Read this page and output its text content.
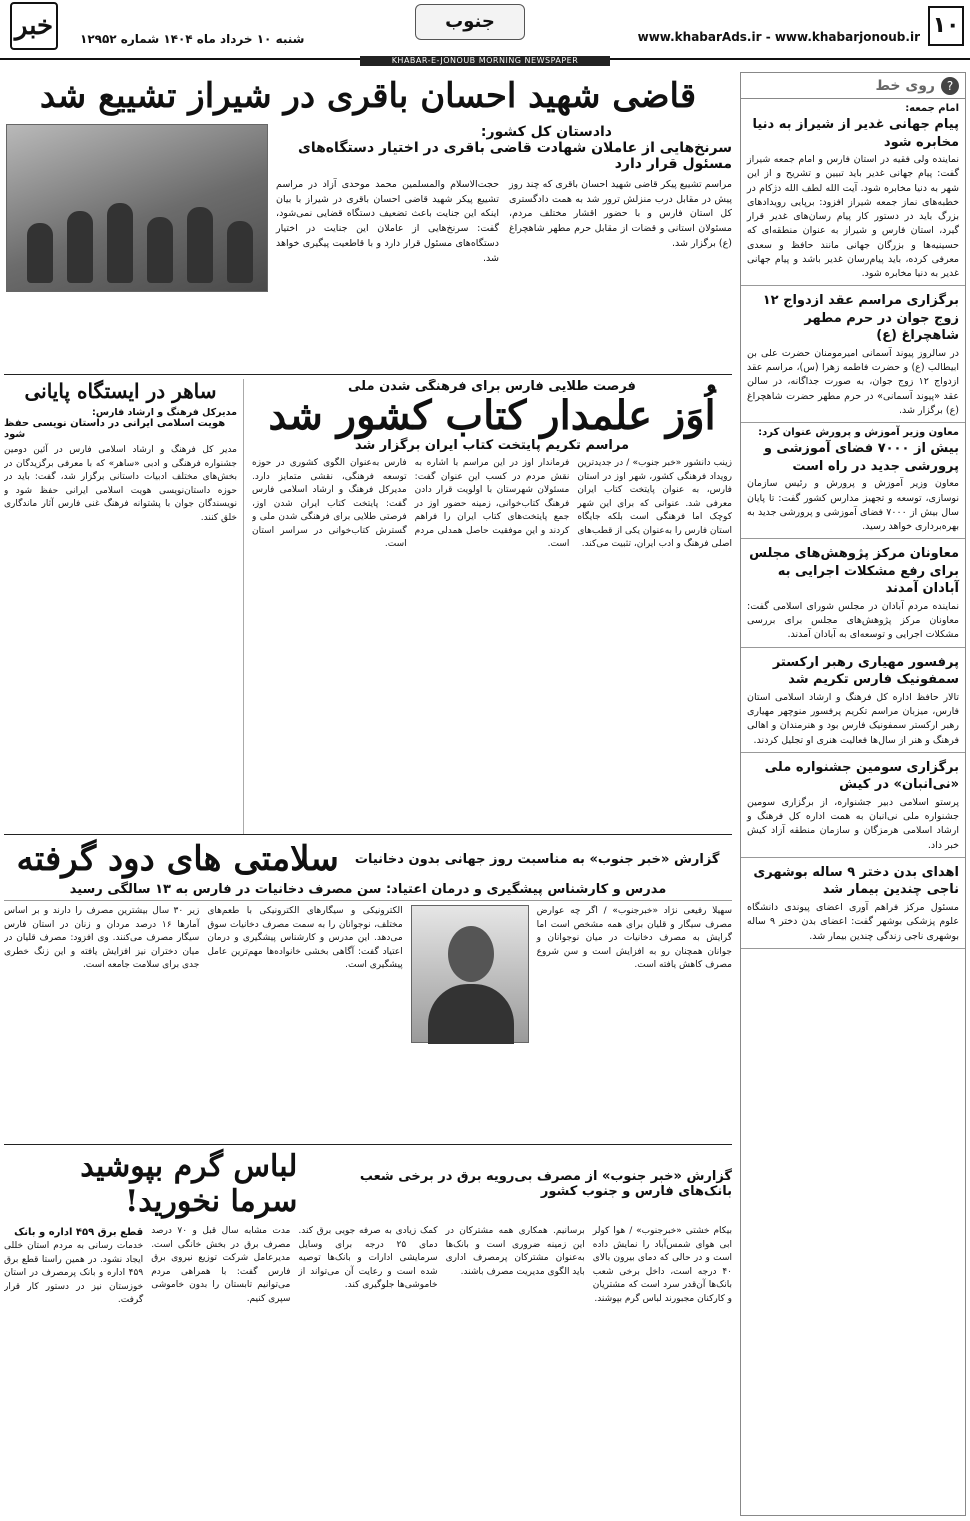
۱۰
www.khabarAds.ir - www.khabarjonoub.ir
جنوب
شنبه ۱۰ خرداد ماه ۱۴۰۴ شماره ۱۲۹۵۲
خبر
KHABAR-E-JONOUB MORNING NEWSPAPER
?
روی خط
امام جمعه:
پیام جهانی غدیر از شیراز به دنیا مخابره شود

نماینده ولی فقیه در استان فارس و امام جمعه شیراز گفت: پیام جهانی غدیر باید تبیین و تشریح و از این شهر به دنیا مخابره شود. آیت الله لطف الله دژکام در خطبه‌های نماز جمعه شیراز افزود: برپایی رویدادهای بزرگ باید در دستور کار پیام رسان‌های غدیر قرار گیرد، استان فارس و شیراز به عنوان منطقه‌ای که حسینیه‌ها و بزرگان جهانی مانند حافظ و سعدی معرفی کرده، باید پیام‌رسان غدیر باشد و پیام جهانی غدیر به دنیا مخابره شود.

برگزاری مراسم عقد ازدواج ۱۲ زوج جوان در حرم مطهر شاهچراغ (ع)

در سالروز پیوند آسمانی امیرمومنان حضرت علی بن ابیطالب (ع) و حضرت فاطمه زهرا (س)، مراسم عقد ازدواج ۱۲ زوج جوان، به صورت جداگانه، در سالن عقد «پیوند آسمانی» در حرم مطهر حضرت شاهچراغ (ع) برگزار شد.

معاون وزیر آموزش و پرورش عنوان کرد:
بیش از ۷۰۰۰ فضای آموزشی و پرورشی جدید در راه است

معاون وزیر آموزش و پرورش و رئیس سازمان نوسازی، توسعه و تجهیز مدارس کشور گفت: تا پایان سال بیش از ۷۰۰۰ فضای آموزشی و پرورشی جدید به بهره‌برداری خواهد رسید.

معاونان مرکز پژوهش‌های مجلس برای رفع مشکلات اجرایی به آبادان آمدند

نماینده مردم آبادان در مجلس شورای اسلامی گفت: معاونان مرکز پژوهش‌های مجلس برای بررسی مشکلات اجرایی و توسعه‌ای به آبادان آمدند.

پرفسور مهیاری رهبر ارکستر سمفونیک فارس تکریم شد

تالار حافظ اداره کل فرهنگ و ارشاد اسلامی استان فارس، میزبان مراسم تکریم پرفسور منوچهر مهیاری رهبر ارکستر سمفونیک فارس بود و هنرمندان و اهالی فرهنگ و هنر از سال‌ها فعالیت هنری او تجلیل کردند.

برگزاری سومین جشنواره ملی «نی‌انبان» در کیش

پرستو اسلامی دبیر جشنواره، از برگزاری سومین جشنواره ملی نی‌انبان به همت اداره کل فرهنگ و ارشاد اسلامی هرمزگان و سازمان منطقه آزاد کیش خبر داد.

اهدای بدن دختر ۹ ساله بوشهری ناجی چندین بیمار شد

مسئول مرکز فراهم آوری اعضای پیوندی دانشگاه علوم پزشکی بوشهر گفت: اعضای بدن دختر ۹ ساله بوشهری ناجی زندگی چندین بیمار شد.

قاضی شهید احسان باقری در شیراز تشییع شد
دادستان کل کشور:
سرنخ‌هایی از عاملان شهادت قاضی باقری در اختیار دستگاه‌های مسئول قرار دارد

مراسم تشییع پیکر قاضی شهید احسان باقری که چند روز پیش در مقابل درب منزلش ترور شد به همت دادگستری کل استان فارس و با حضور اقشار مختلف مردم، مسئولان استانی و قضات از مقابل حرم مطهر شاهچراغ (ع) برگزار شد.

حجت‌الاسلام والمسلمین محمد موحدی آزاد در مراسم تشییع پیکر شهید قاضی احسان باقری در شیراز با بیان اینکه این جنایت باعث تضعیف دستگاه قضایی نمی‌شود، گفت: سرنخ‌هایی از عاملان این جنایت در اختیار دستگاه‌های مسئول قرار دارد و با قاطعیت پیگیری خواهد شد.

فرصت طلایی فارس برای فرهنگی شدن ملی
اُوَز علمدار کتاب کشور شد
مراسم تکریم پایتخت کتاب ایران برگزار شد

زینب دانشور «خبر جنوب» / در جدیدترین رویداد فرهنگی کشور، شهر اوز در استان فارس، به عنوان پایتخت کتاب ایران معرفی شد. عنوانی که برای این شهر کوچک اما فرهنگی است بلکه جایگاه استان فارس را به‌عنوان یکی از قطب‌های اصلی فرهنگ و ادب ایران، تثبیت می‌کند.

فرماندار اوز در این مراسم با اشاره به نقش مردم در کسب این عنوان گفت: مسئولان شهرستان با اولویت قرار دادن فرهنگ کتاب‌خوانی، زمینه حضور اوز در جمع پایتخت‌های کتاب ایران را فراهم کردند و این موفقیت حاصل همدلی مردم است.

فارس به‌عنوان الگوی کشوری در حوزه توسعه فرهنگی، نقشی متمایز دارد. مدیرکل فرهنگ و ارشاد اسلامی فارس گفت: پایتخت کتاب ایران شدن اوز، فرصتی طلایی برای فرهنگی شدن ملی و گسترش کتاب‌خوانی در سراسر استان است.

ساهر در ایستگاه پایانی
مدیرکل فرهنگ و ارشاد فارس:
هویت اسلامی ایرانی در داستان نویسی حفظ شود

مدیر کل فرهنگ و ارشاد اسلامی فارس در آئین دومین جشنواره فرهنگی و ادبی «ساهر» که با معرفی برگزیدگان در بخش‌های مختلف ادبیات داستانی برگزار شد، گفت: باید در حوزه داستان‌نویسی هویت اسلامی ایرانی حفظ شود و نویسندگان جوان با پشتوانه فرهنگ غنی فارس آثار ماندگاری خلق کنند.

گزارش «خبر جنوب» به مناسبت روز جهانی بدون دخانیات
سلامتی های دود گرفته
مدرس و کارشناس پیشگیری و درمان اعتیاد: سن مصرف دخانیات در فارس به ۱۳ سالگی رسید

سهیلا رفیعی نژاد «خبرجنوب» / اگر چه عوارض مصرف سیگار و قلیان برای همه مشخص است اما گرایش به مصرف دخانیات در میان نوجوانان و جوانان همچنان رو به افزایش است و سن شروع مصرف کاهش یافته است.

الکترونیکی و سیگارهای الکترونیکی با طعم‌های مختلف، نوجوانان را به سمت مصرف دخانیات سوق می‌دهد. این مدرس و کارشناس پیشگیری و درمان اعتیاد گفت: آگاهی بخشی خانواده‌ها مهم‌ترین عامل پیشگیری است.

زیر ۳۰ سال بیشترین مصرف را دارند و بر اساس آمارها ۱۶ درصد مردان و زنان در استان فارس سیگار مصرف می‌کنند. وی افزود: مصرف قلیان در میان دختران نیز افزایش یافته و این زنگ خطری جدی برای سلامت جامعه است.

گزارش «خبر جنوب» از مصرف بی‌رویه برق در برخی شعب بانک‌های فارس و جنوب کشور
لباس گرم بپوشید سرما نخورید!

بیکام خشتی «خبرجنوب» / هوا کولر ابی هوای شمس‌آباد را نمایش داده است و در حالی که دمای بیرون بالای ۴۰ درجه است، داخل برخی شعب بانک‌ها آن‌قدر سرد است که مشتریان و کارکنان مجبورند لباس گرم بپوشند.

برسانیم. همکاری همه مشترکان در این زمینه ضروری است و بانک‌ها به‌عنوان مشترکان پرمصرف اداری باید الگوی مدیریت مصرف باشند.

کمک زیادی به صرفه جویی برق کند. دمای ۲۵ درجه برای وسایل سرمایشی ادارات و بانک‌ها توصیه شده است و رعایت آن می‌تواند از خاموشی‌ها جلوگیری کند.

مدت مشابه سال قبل و ۷۰ درصد مصرف برق در بخش خانگی است. مدیرعامل شرکت توزیع نیروی برق فارس گفت: با همراهی مردم می‌توانیم تابستان را بدون خاموشی سپری کنیم.

قطع برق ۴۵۹ اداره و بانک

خدمات رسانی به مردم استان خللی ایجاد نشود. در همین راستا قطع برق ۴۵۹ اداره و بانک پرمصرف در استان خوزستان نیز در دستور کار قرار گرفت.
